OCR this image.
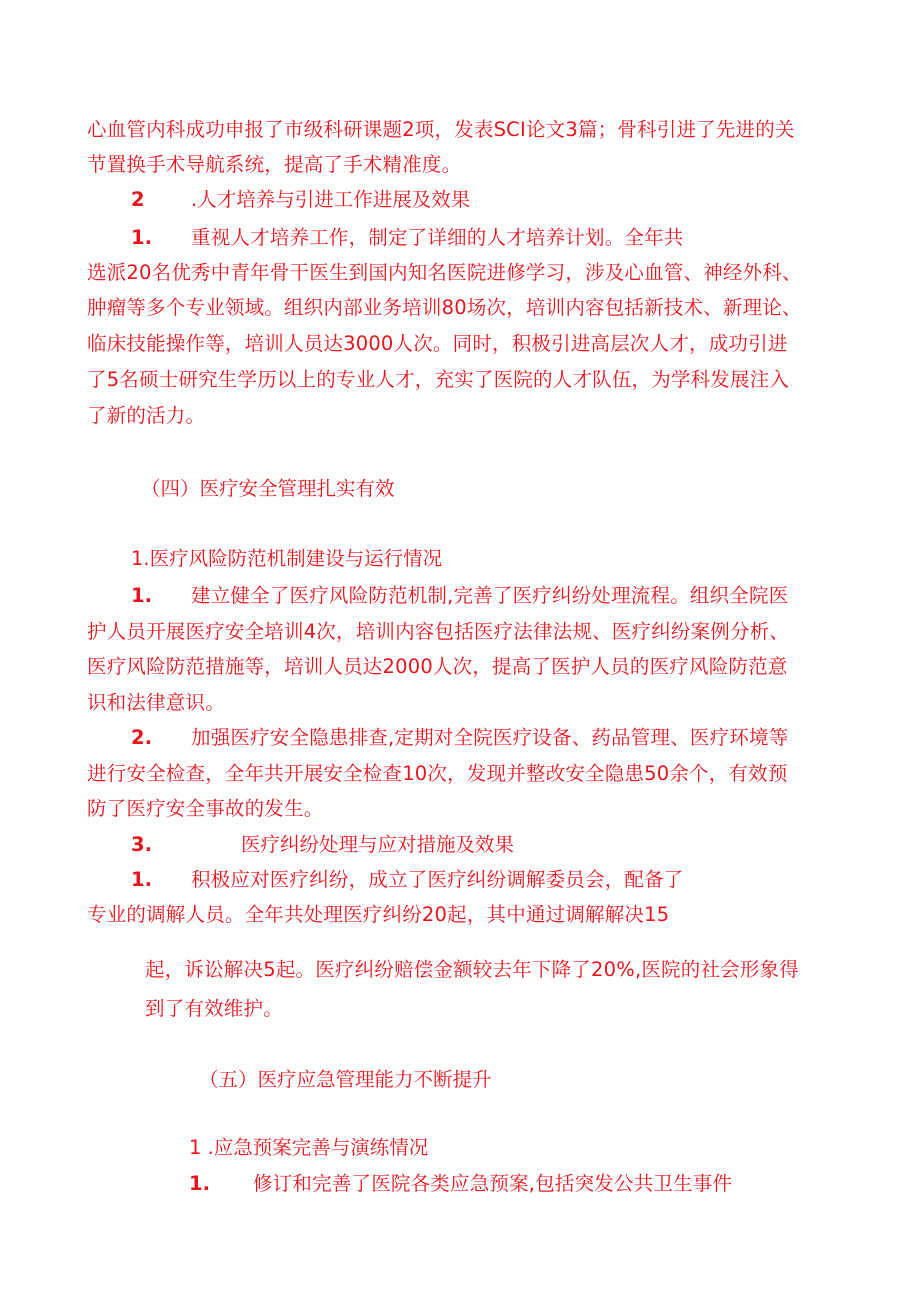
心血管内科成功申报了市级科研课题2项，发表SCI论文3篇；骨科引进了先进的关
节置换手术导航系统，提高了手术精准度。
2 .人才培养与引进工作进展及效果
1. 重视人才培养工作，制定了详细的人才培养计划。全年共
选派20名优秀中青年骨干医生到国内知名医院进修学习，涉及心血管、神经外科、
肿瘤等多个专业领域。组织内部业务培训80场次，培训内容包括新技术、新理论、
临床技能操作等，培训人员达3000人次。同时，积极引进高层次人才，成功引进
了5名硕士研究生学历以上的专业人才，充实了医院的人才队伍，为学科发展注入
了新的活力。
（四）医疗安全管理扎实有效
1.医疗风险防范机制建设与运行情况
1. 建立健全了医疗风险防范机制,完善了医疗纠纷处理流程。组织全院医
护人员开展医疗安全培训4次，培训内容包括医疗法律法规、医疗纠纷案例分析、
医疗风险防范措施等，培训人员达2000人次，提高了医护人员的医疗风险防范意
识和法律意识。
2. 加强医疗安全隐患排查,定期对全院医疗设备、药品管理、医疗环境等
进行安全检查，全年共开展安全检查10次，发现并整改安全隐患50余个，有效预
防了医疗安全事故的发生。
3.	医疗纠纷处理与应对措施及效果
1. 积极应对医疗纠纷，成立了医疗纠纷调解委员会，配备了
专业的调解人员。全年共处理医疗纠纷20起，其中通过调解解决15
起，诉讼解决5起。医疗纠纷赔偿金额较去年下降了20%,医院的社会形象得
到了有效维护。
（五）医疗应急管理能力不断提升
1 .应急预案完善与演练情况
1. 修订和完善了医院各类应急预案,包括突发公共卫生事件
